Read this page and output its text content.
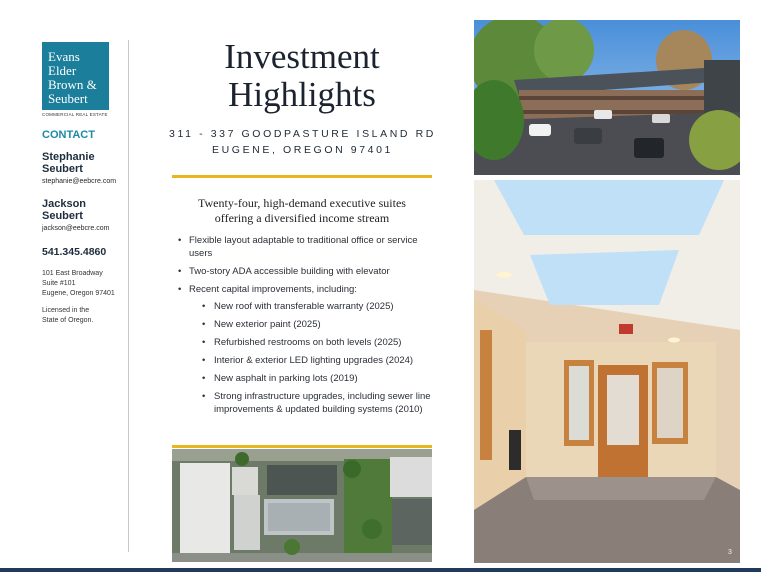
Evans
Elder
Brown &
Seubert
COMMERCIAL REAL ESTATE
CONTACT
Stephanie Seubert
stephanie@eebcre.com
Jackson Seubert
jackson@eebcre.com
541.345.4860
101 East Broadway
Suite #101
Eugene, Oregon 97401
Licensed in the
State of Oregon.
Investment
Highlights
311 - 337 GOODPASTURE ISLAND RD
EUGENE, OREGON 97401
Twenty-four, high-demand executive suites
offering a diversified income stream
• Flexible layout adaptable to traditional office or service users
• Two-story ADA accessible building with elevator
• Recent capital improvements, including:
• New roof with transferable warranty (2025)
• New exterior paint (2025)
• Refurbished restrooms on both levels (2025)
• Interior & exterior LED lighting upgrades (2024)
• New asphalt in parking lots (2019)
• Strong infrastructure upgrades, including sewer line improvements & updated building systems (2010)
3
